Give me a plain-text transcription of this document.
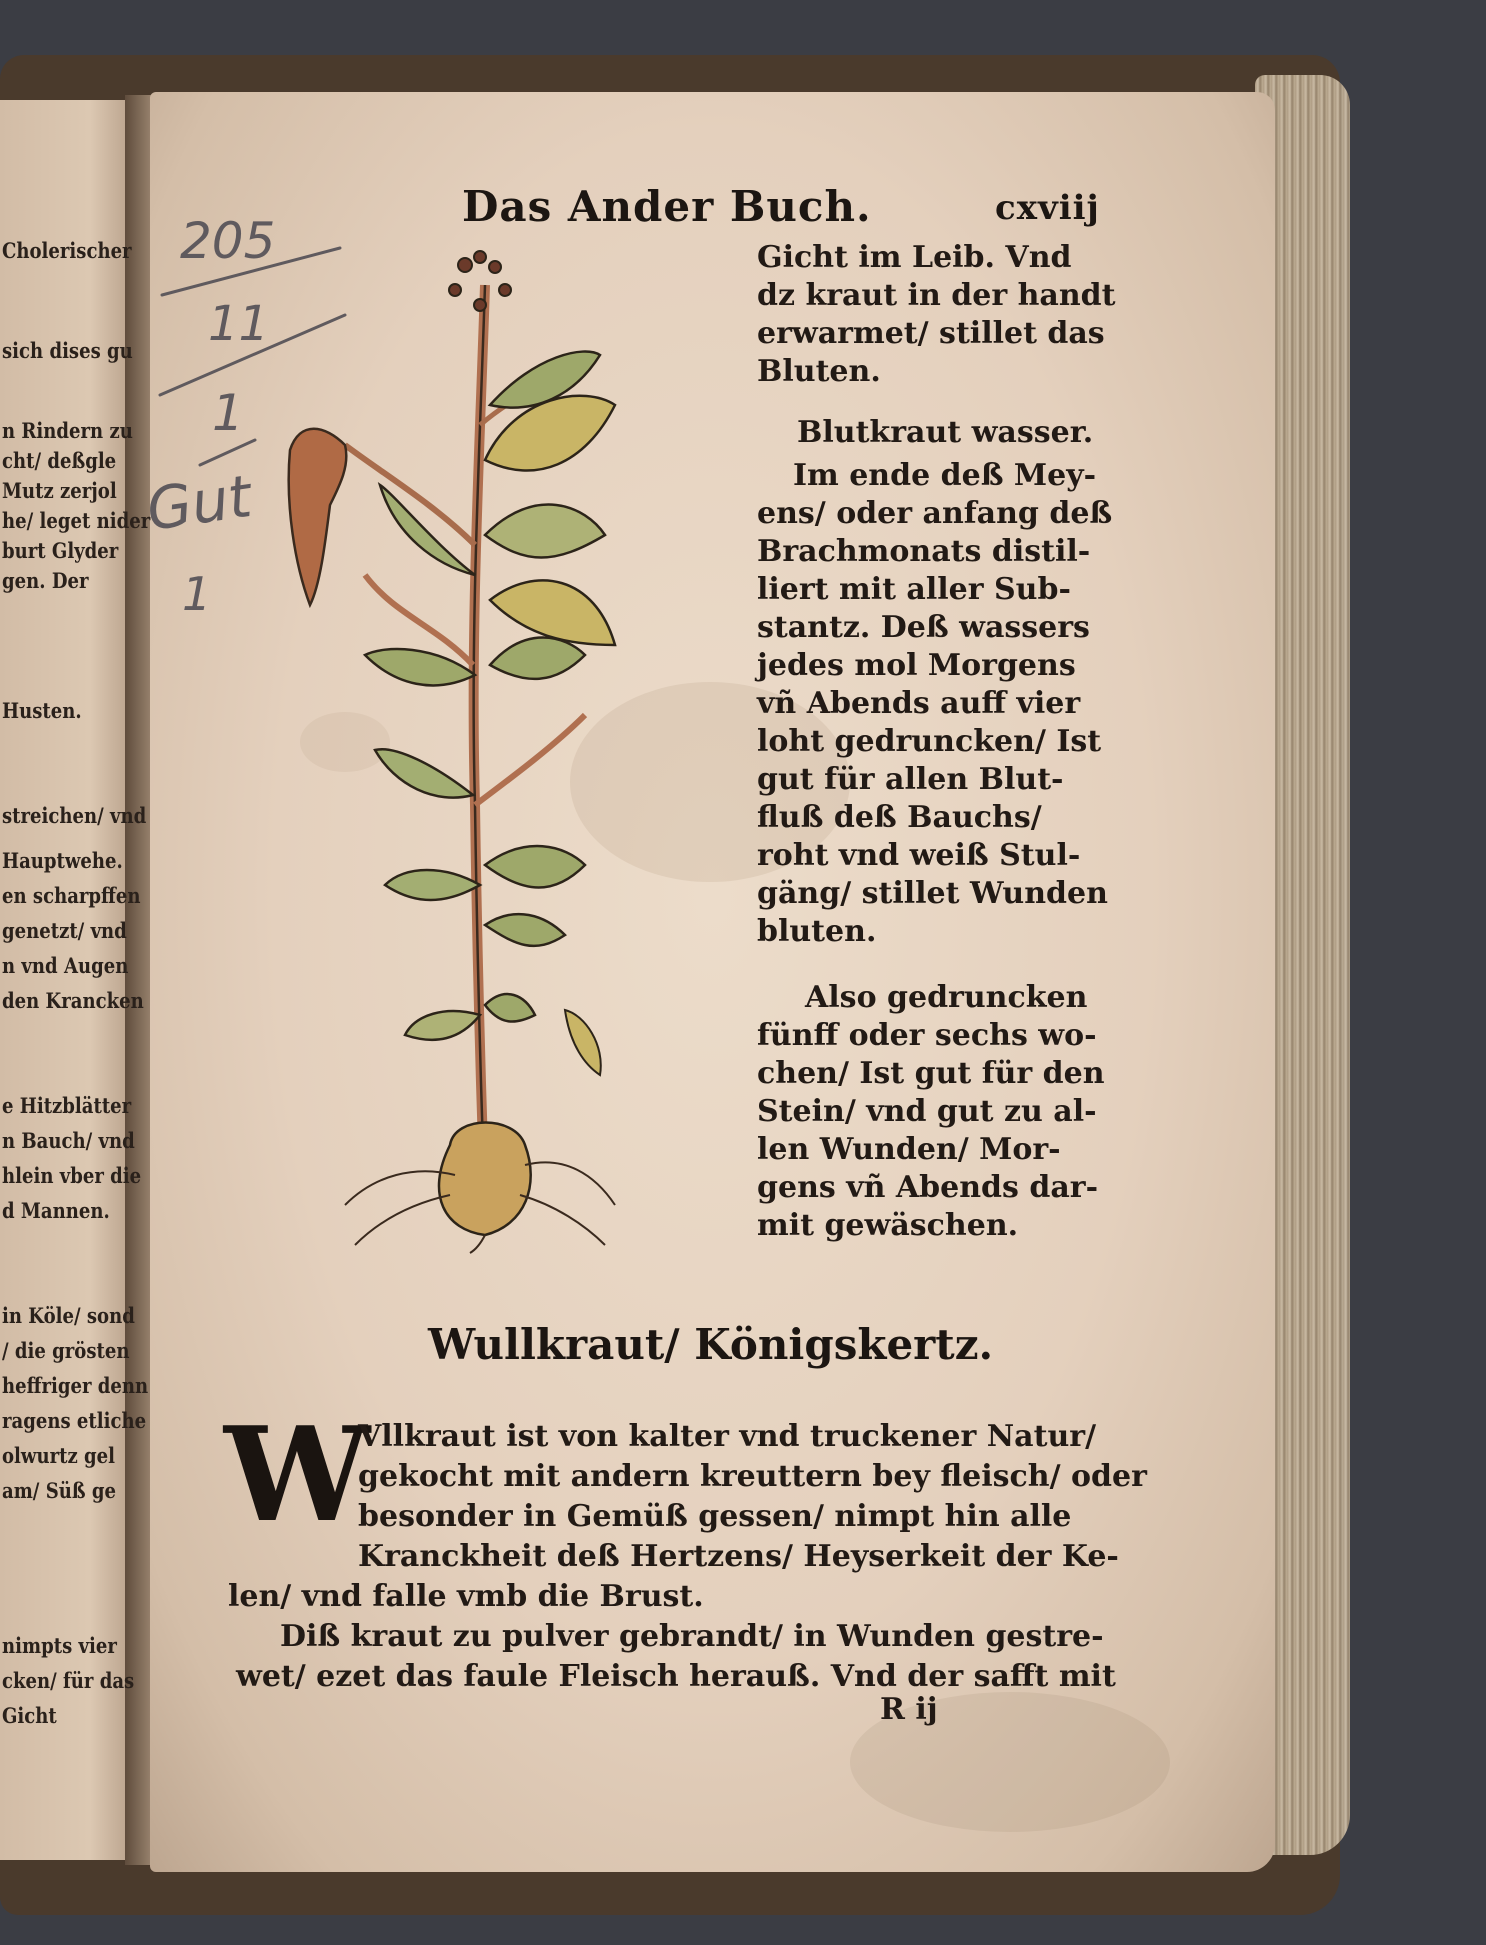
Cholerischer
sich dises gu
n Rindern zu
cht/ deßgle
Mutz zerjol
he/ leget nider
burt Glyder
gen. Der
Husten.
streichen/ vnd
Hauptwehe.
en scharpffen
genetzt/ vnd
n vnd Augen
den Krancken
e Hitzblätter
n Bauch/ vnd
hlein vber die
d Mannen.
in Köle/ sond
/ die grösten
heffriger denn
ragens etliche
olwurtz gel
am/ Süß ge
nimpts vier
cken/ für das
Gicht
205
11
1
Gut
1
Das Ander Buch.	cxviij
Gicht im Leib. Vnd
dz kraut in der handt
erwarmet/ stillet das
Bluten.
Blutkraut wasser.
Im ende deß Mey-
ens/ oder anfang deß
Brachmonats distil-
liert mit aller Sub-
stantz. Deß wassers
jedes mol Morgens
vñ Abends auff vier
loht gedruncken/ Ist
gut für allen Blut-
fluß deß Bauchs/
roht vnd weiß Stul-
gäng/ stillet Wunden
bluten.
Also gedruncken
fünff oder sechs wo-
chen/ Ist gut für den
Stein/ vnd gut zu al-
len Wunden/ Mor-
gens vñ Abends dar-
mit gewäschen.
Wullkraut/ Königskertz.
W
Vllkraut ist von kalter vnd truckener Natur/
gekocht mit andern kreuttern bey fleisch/ oder
besonder in Gemüß gessen/ nimpt hin alle
Kranckheit deß Hertzens/ Heyserkeit der Ke-
len/ vnd falle vmb die Brust.
Diß kraut zu pulver gebrandt/ in Wunden gestre-
wet/ ezet das faule Fleisch herauß. Vnd der safft mit
R ij
